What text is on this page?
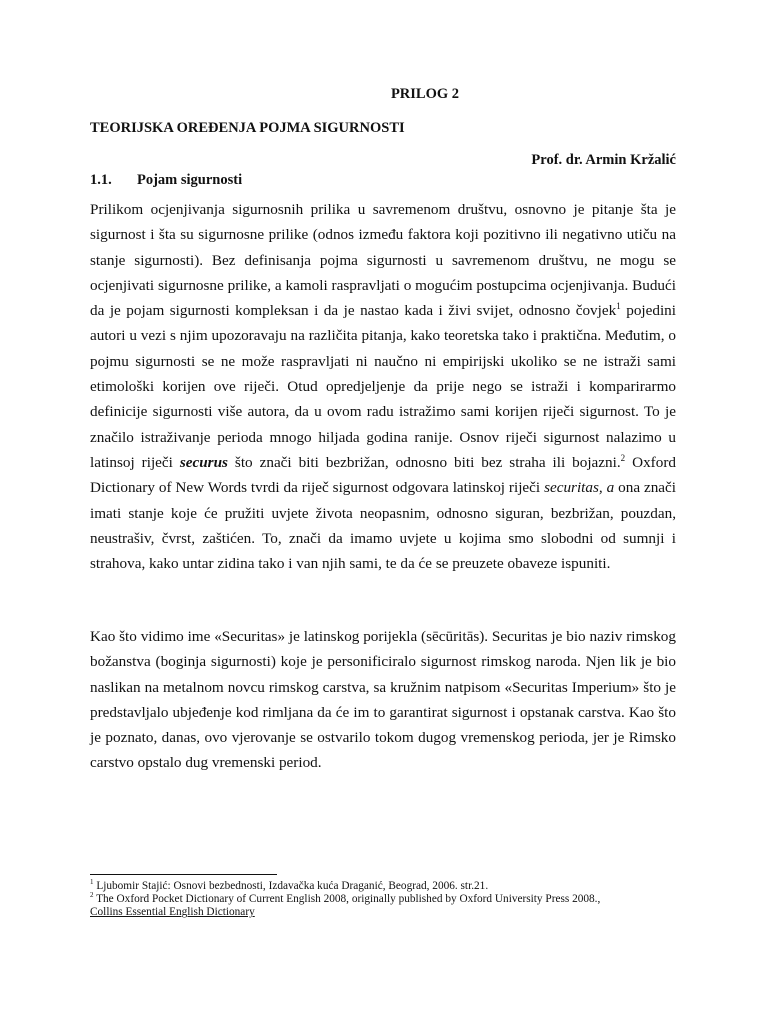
PRILOG 2
TEORIJSKA OREĐENJA POJMA SIGURNOSTI
Prof. dr. Armin Kržalić
1.1. Pojam sigurnosti

Prilikom ocjenjivanja sigurnosnih prilika u savremenom društvu, osnovno je pitanje šta je sigurnost i šta su sigurnosne prilike (odnos između faktora koji pozitivno ili negativno utiču na stanje sigurnosti). Bez definisanja pojma sigurnosti u savremenom društvu, ne mogu se ocjenjivati sigurnosne prilike, a kamoli raspravljati o mogućim postupcima ocjenjivanja. Budući da je pojam sigurnosti kompleksan i da je nastao kada i živi svijet, odnosno čovjek$^1$ pojedini autori u vezi s njim upozoravaju na različita pitanja, kako teoretska tako i praktična. Međutim, o pojmu sigurnosti se ne može raspravljati ni naučno ni empirijski ukoliko se ne istraži sami etimološki korijen ove riječi. Otud opredjeljenje da prije nego se istraži i komparirarmo definicije sigurnosti više autora, da u ovom radu istražimo sami korijen riječi sigurnost. To je značilo istraživanje perioda mnogo hiljada godina ranije. Osnov riječi sigurnost nalazimo u latinsoj riječi securus što znači biti bezbrižan, odnosno biti bez straha ili bojazni.$^2$ Oxford Dictionary of New Words tvrdi da riječ sigurnost odgovara latinskoj riječi securitas, a ona znači imati stanje koje će pružiti uvjete života neopasnim, odnosno siguran, bezbrižan, pouzdan, neustrašiv, čvrst, zaštićen. To, znači da imamo uvjete u kojima smo slobodni od sumnji i strahova, kako untar zidina tako i van njih sami, te da će se preuzete obaveze ispuniti.

Kao što vidimo ime «Securitas» je latinskog porijekla (sēcūritās). Securitas je bio naziv rimskog božanstva (boginja sigurnosti) koje je personificiralo sigurnost rimskog naroda. Njen lik je bio naslikan na metalnom novcu rimskog carstva, sa kružnim natpisom «Securitas Imperium» što je predstavljalo ubjeđenje kod rimljana da će im to garantirat sigurnost i opstanak carstva. Kao što je poznato, danas, ovo vjerovanje se ostvarilo tokom dugog vremenskog perioda, jer je Rimsko carstvo opstalo dug vremenski period.

$^1$ Ljubomir Stajić: Osnovi bezbednosti, Izdavačka kuća Draganić, Beograd, 2006. str.21.
$^2$ The Oxford Pocket Dictionary of Current English 2008, originally published by Oxford University Press 2008.,
Collins Essential English Dictionary
